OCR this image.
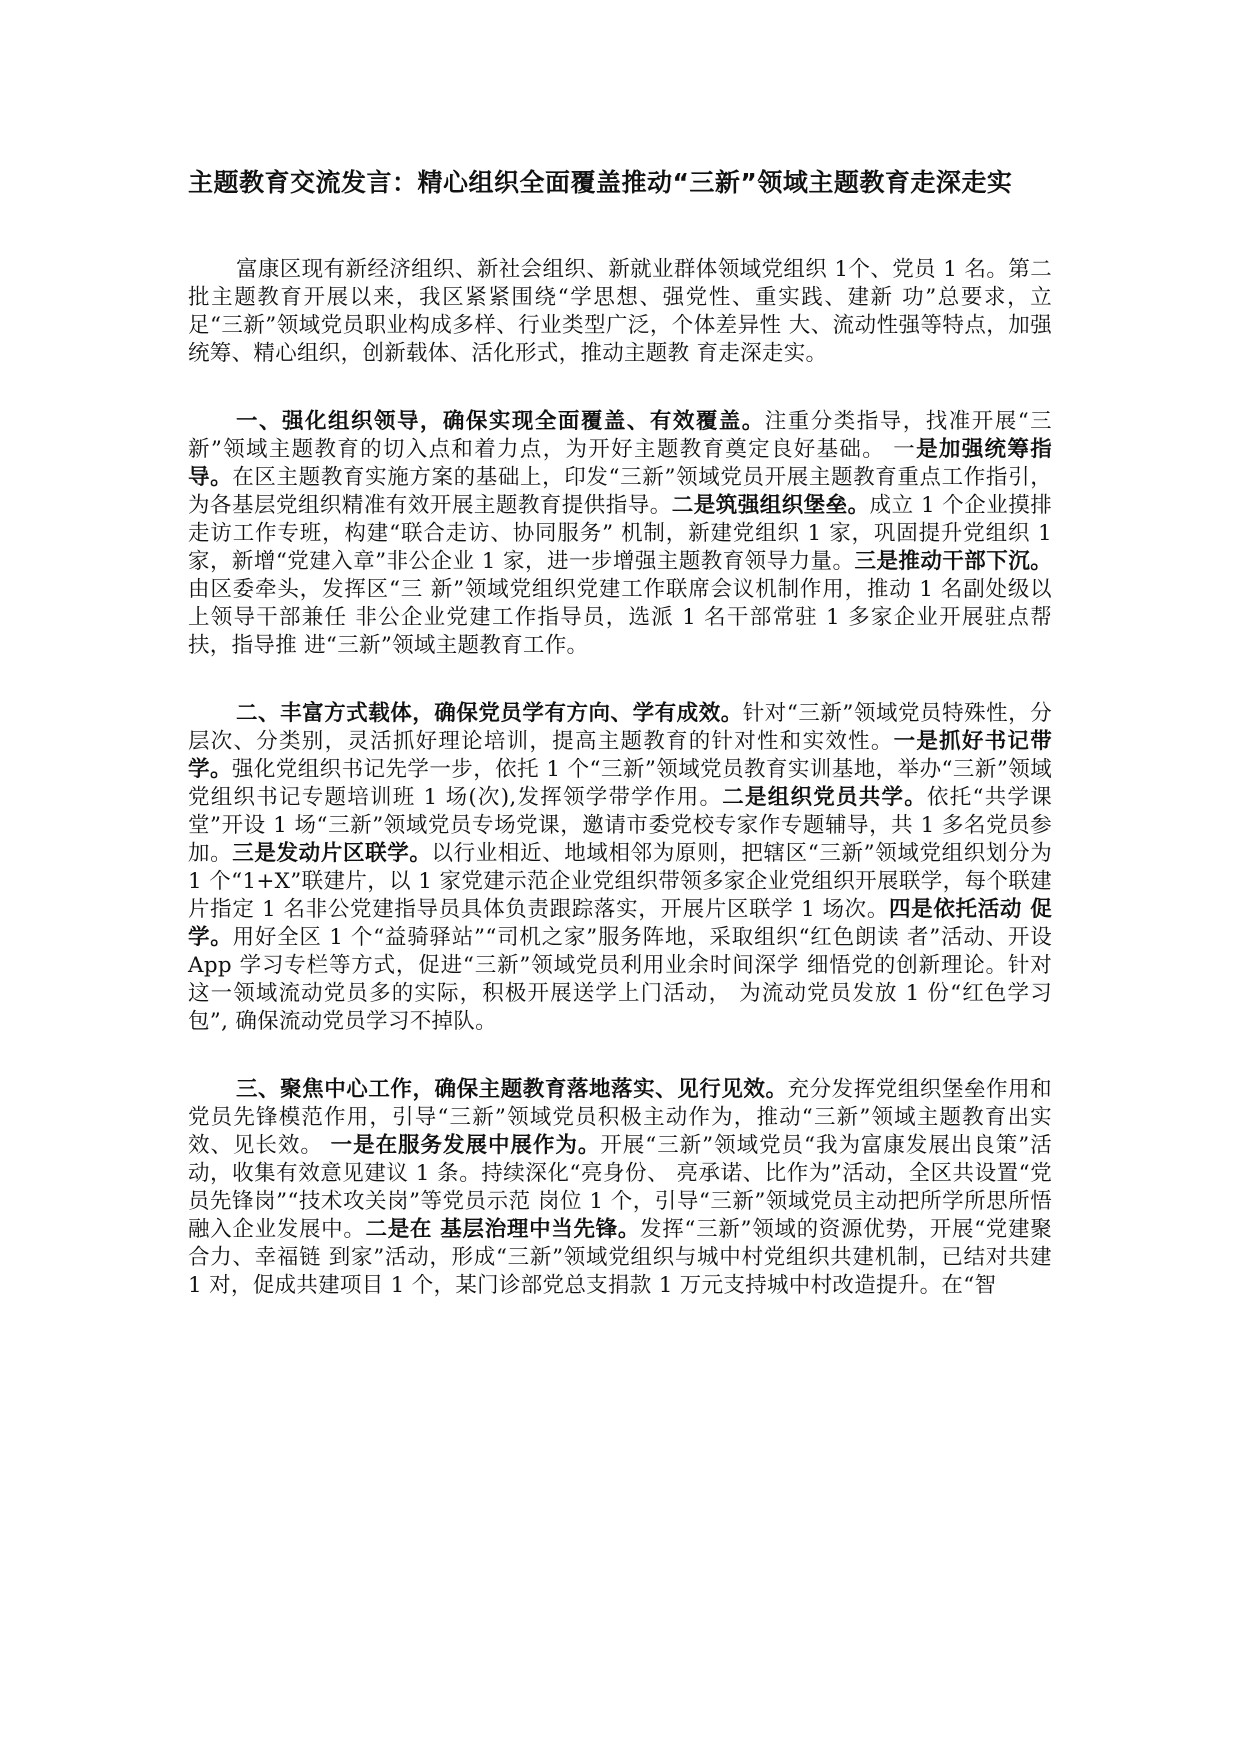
主题教育交流发言：精心组织全面覆盖推动“三新”领域主题教育走深走实

富康区现有新经济组织、新社会组织、新就业群体领域党组织 1个、党员 1 名。第二批主题教育开展以来，我区紧紧围绕“学思想、强党性、重实践、建新 功”总要求，立足“三新”领域党员职业构成多样、行业类型广泛，个体差异性 大、流动性强等特点，加强统筹、精心组织，创新载体、活化形式，推动主题教 育走深走实。

一、强化组织领导，确保实现全面覆盖、有效覆盖。注重分类指导，找准开展“三新”领域主题教育的切入点和着力点，为开好主题教育奠定良好基础。 一是加强统筹指导。在区主题教育实施方案的基础上，印发“三新”领域党员开展主题教育重点工作指引，为各基层党组织精准有效开展主题教育提供指导。二是筑强组织堡垒。成立 1 个企业摸排走访工作专班，构建“联合走访、协同服务” 机制，新建党组织 1 家，巩固提升党组织 1 家，新增“党建入章”非公企业 1 家，进一步增强主题教育领导力量。三是推动干部下沉。由区委牵头，发挥区“三 新”领域党组织党建工作联席会议机制作用，推动 1 名副处级以上领导干部兼任 非公企业党建工作指导员，选派 1 名干部常驻 1 多家企业开展驻点帮扶，指导推 进“三新”领域主题教育工作。

二、丰富方式载体，确保党员学有方向、学有成效。针对“三新”领域党员特殊性，分层次、分类别，灵活抓好理论培训，提高主题教育的针对性和实效性。一是抓好书记带学。强化党组织书记先学一步，依托 1 个“三新”领域党员教育实训基地，举办“三新”领域党组织书记专题培训班 1 场(次),发挥领学带学作用。二是组织党员共学。依托“共学课堂”开设 1 场“三新”领域党员专场党课，邀请市委党校专家作专题辅导，共 1 多名党员参加。三是发动片区联学。以行业相近、地域相邻为原则，把辖区“三新”领域党组织划分为 1 个“1+X”联建片，以 1 家党建示范企业党组织带领多家企业党组织开展联学，每个联建片指定 1 名非公党建指导员具体负责跟踪落实，开展片区联学 1 场次。四是依托活动 促学。用好全区 1 个“益骑驿站”“司机之家”服务阵地，采取组织“红色朗读 者”活动、开设 App 学习专栏等方式，促进“三新”领域党员利用业余时间深学 细悟党的创新理论。针对这一领域流动党员多的实际，积极开展送学上门活动， 为流动党员发放 1 份“红色学习包”, 确保流动党员学习不掉队。

三、聚焦中心工作，确保主题教育落地落实、见行见效。充分发挥党组织堡垒作用和党员先锋模范作用，引导“三新”领域党员积极主动作为，推动“三新”领域主题教育出实效、见长效。 一是在服务发展中展作为。开展“三新”领域党员“我为富康发展出良策”活动，收集有效意见建议 1 条。持续深化“亮身份、 亮承诺、比作为”活动，全区共设置“党员先锋岗”“技术攻关岗”等党员示范 岗位 1 个，引导“三新”领域党员主动把所学所思所悟融入企业发展中。二是在 基层治理中当先锋。发挥“三新”领域的资源优势，开展“党建聚合力、幸福链 到家”活动，形成“三新”领域党组织与城中村党组织共建机制，已结对共建 1 对，促成共建项目 1 个，某门诊部党总支捐款 1 万元支持城中村改造提升。在“智
